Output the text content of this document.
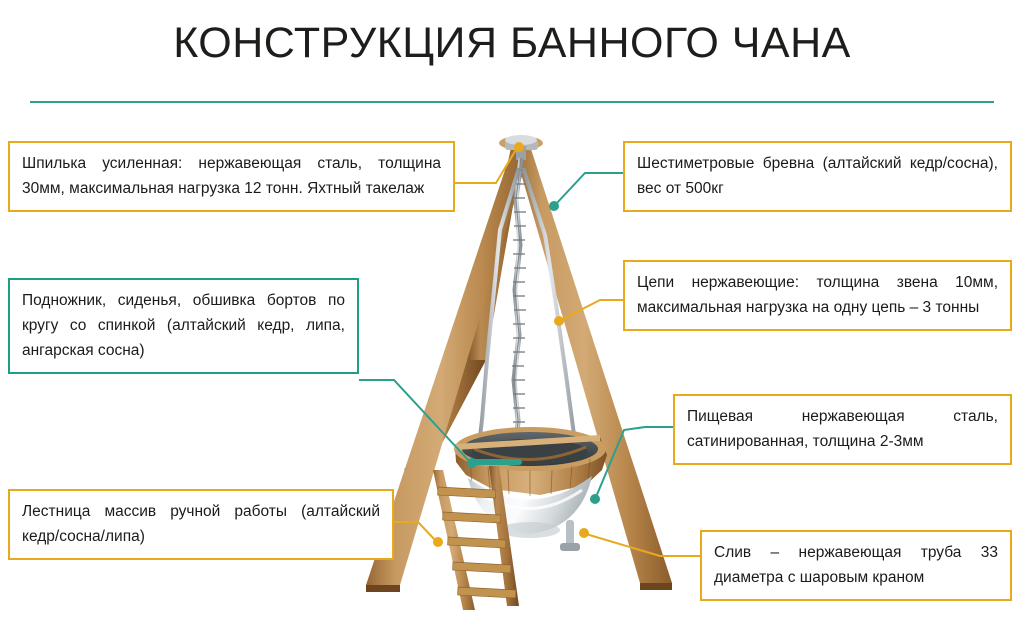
КОНСТРУКЦИЯ БАННОГО ЧАНА

Шпилька усиленная: нержавеющая сталь, толщина 30мм, максимальная нагрузка 12 тонн. Яхтный такелаж

Шестиметровые бревна (алтайский кедр/сосна), вес от 500кг

Подножник, сиденья, обшивка бортов по кругу со спинкой (алтайский кедр, липа, ангарская сосна)

Цепи нержавеющие: толщина звена 10мм, максимальная нагрузка на одну цепь – 3 тонны

Пищевая нержавеющая сталь, сатинированная, толщина 2-3мм

Лестница массив ручной работы (алтайский кедр/сосна/липа)

Слив – нержавеющая труба 33 диаметра с шаровым краном
